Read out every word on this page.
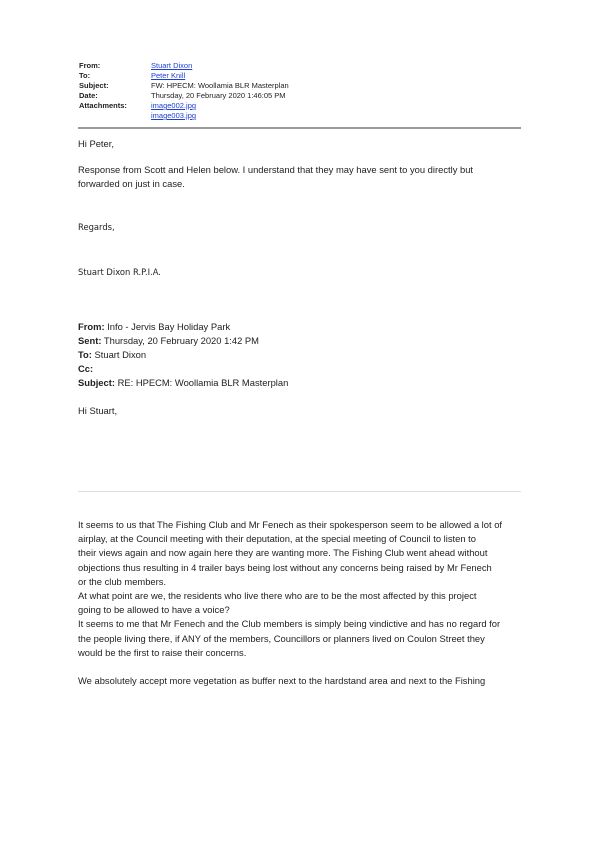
From:	Stuart Dixon
To:	Peter Knill
Subject:	FW: HPECM: Woollamia BLR Masterplan
Date:	Thursday, 20 February 2020 1:46:05 PM
Attachments:	image002.jpg
image003.jpg
Hi Peter,
Response from Scott and Helen below. I understand that they may have sent to you directly but
forwarded on just in case.
Regards,
Stuart Dixon R.P.I.A.
From: Info - Jervis Bay Holiday Park
Sent: Thursday, 20 February 2020 1:42 PM
To: Stuart Dixon
Cc:
Subject: RE: HPECM: Woollamia BLR Masterplan
Hi Stuart,

It seems to us that The Fishing Club and Mr Fenech as their spokesperson seem to be allowed a lot of

airplay, at the Council meeting with their deputation, at the special meeting of Council to listen to

their views again and now again here they are wanting more. The Fishing Club went ahead without

objections thus resulting in 4 trailer bays being lost without any concerns being raised by Mr Fenech

or the club members.

At what point are we, the residents who live there who are to be the most affected by this project

going to be allowed to have a voice?

It seems to me that Mr Fenech and the Club members is simply being vindictive and has no regard for

the people living there, if ANY of the members, Councillors or planners lived on Coulon Street they

would be the first to raise their concerns.

We absolutely accept more vegetation as buffer next to the hardstand area and next to the Fishing
